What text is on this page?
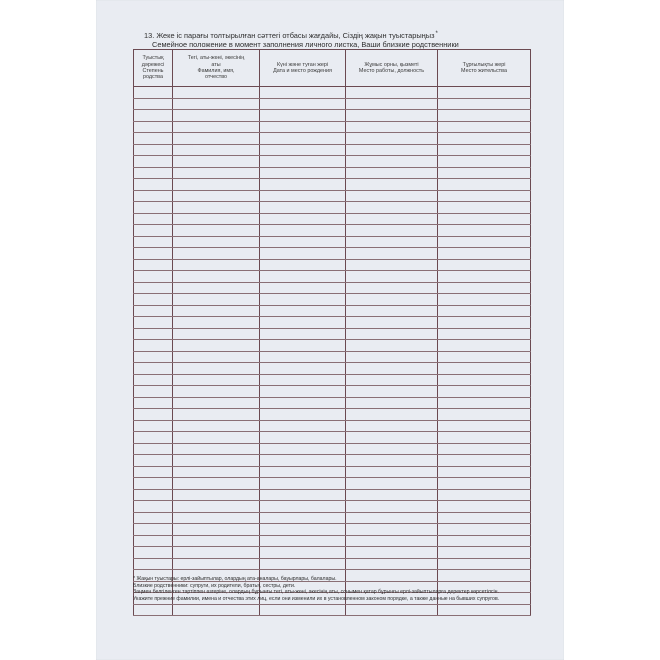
13. Жеке іс парағы толтырылған сəттегі отбасы жағдайы, Сіздің жақын туыстарыңыз*
Семейное положение в момент заполнения личного листка, Ваши близкие родственники
Туыстық
дəрежесі
Степень
родства	Тегі, аты-жөні, əкесінің
аты
Фамилия, имя,
отчество	Күні жəне туған жері
Дата и место рождения	Жұмыс орны, қызметі
Место работы, должность	Тұрғылықты жері
Место жительства

* Жақын туыстары: ерлі-зайыптылар, олардың ата-аналары, бауырлары, балалары.

Близкие родственники: супруги, их родители, братья, сестры, дети.

Заңмен белгіленген тəртіппен өзгерiне, олардың бұрынғы тегі, аты-жөні, əкесінің аты, сонымен қатар бұрынғы ерлі-зайыптыларға деректер көрсетілсін.

Укажите прежние фамилии, имена и отчества этих лиц, если они изменили их в установленном законом порядке, а также данные на бывших супругов.
